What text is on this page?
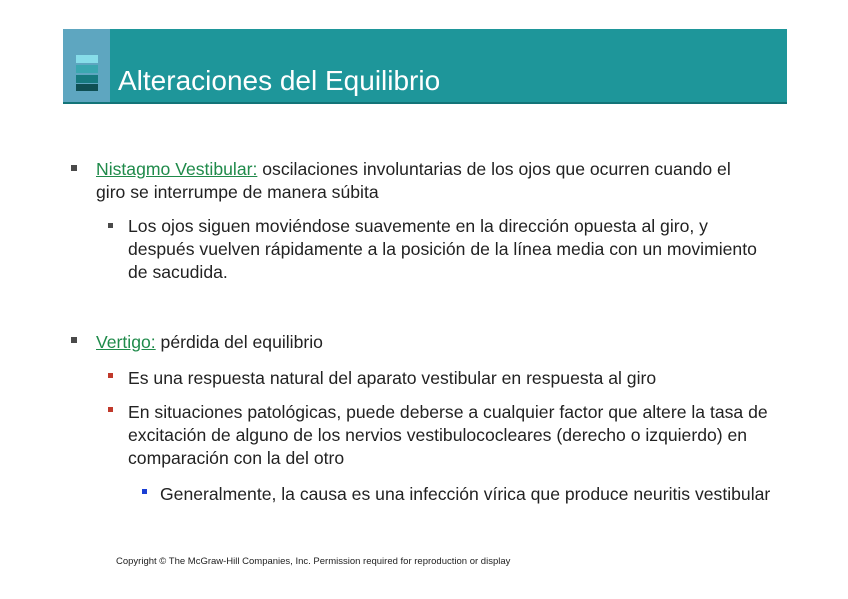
Alteraciones del Equilibrio
Nistagmo Vestibular: oscilaciones involuntarias de los ojos que ocurren cuando el giro se interrumpe de manera súbita
Los ojos siguen moviéndose suavemente en la dirección opuesta al giro, y después vuelven rápidamente a la posición de la línea media con un movimiento de sacudida.
Vertigo: pérdida del equilibrio
Es una respuesta natural del aparato vestibular en respuesta al giro
En situaciones patológicas, puede deberse a cualquier factor que altere la tasa de excitación de alguno de los nervios vestibulococleares (derecho o izquierdo) en comparación con la del otro
Generalmente, la causa es una infección vírica que produce neuritis vestibular
Copyright © The McGraw-Hill Companies, Inc. Permission required for reproduction or display
